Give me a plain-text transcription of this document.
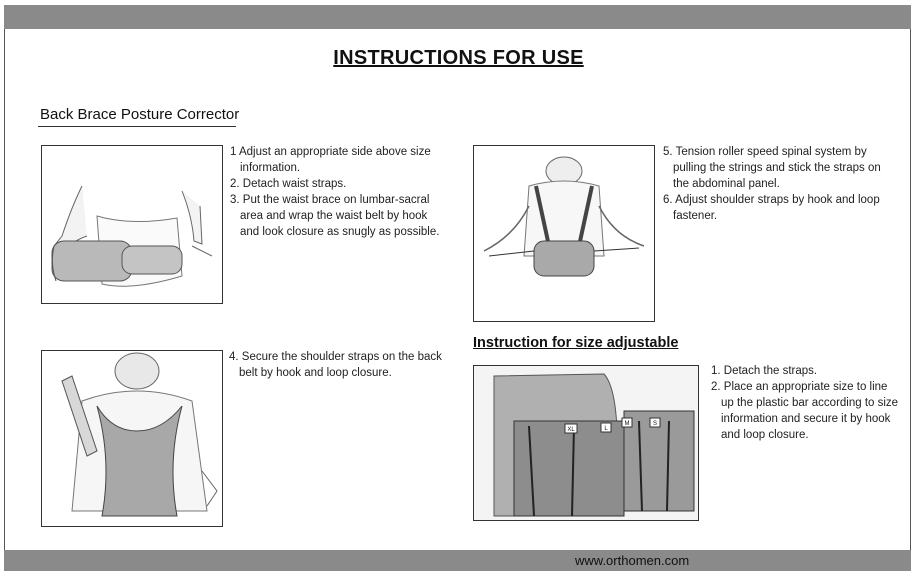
INSTRUCTIONS FOR USE
Back Brace Posture Corrector
1 Adjust an appropriate side above size information.
2. Detach waist straps.
3. Put the waist brace on lumbar-sacral area and wrap the waist belt by hook and look closure as snugly as possible.
4. Secure the shoulder straps on the back belt by hook and loop closure.
5. Tension roller speed spinal system by pulling the strings and stick the straps on the abdominal panel.
6. Adjust shoulder straps by hook and loop fastener.
Instruction for size adjustable
XL	L
M	S
1. Detach the straps.
2. Place an appropriate size to line up the plastic bar according to size information and secure it by hook and loop closure.
www.orthomen.com
